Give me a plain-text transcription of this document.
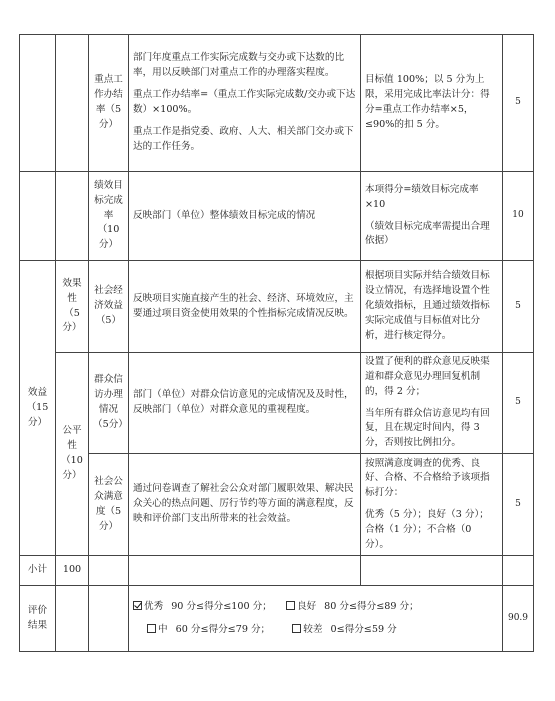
		重点工作办结率（5分）	部门年度重点工作实际完成数与交办或下达数的比率，用以反映部门对重点工作的办理落实程度。

重点工作办结率=（重点工作实际完成数/交办或下达数）×100%。

重点工作是指党委、政府、人大、相关部门交办或下达的工作任务。	目标值 100%；以 5 分为上限，采用完成比率法计分：得分=重点工作办结率×5，≤90%的扣 5 分。	5
		绩效目标完成率（10分）	反映部门（单位）整体绩效目标完成的情况	本项得分=绩效目标完成率×10

（绩效目标完成率需提出合理依据）	10
效益（15分）	效果性（5分）	社会经济效益（5）	反映项目实施直接产生的社会、经济、环境效应，主要通过项目资金使用效果的个性指标完成情况反映。	根据项目实际并结合绩效目标设立情况，有选择地设置个性化绩效指标，且通过绩效指标实际完成值与目标值对比分析，进行核定得分。	5
	公平性（10分）	群众信访办理情况（5分）	部门（单位）对群众信访意见的完成情况及及时性，反映部门（单位）对群众意见的重视程度。	设置了便利的群众意见反映渠道和群众意见办理回复机制的，得 2 分；

当年所有群众信访意见均有回复，且在规定时间内，得 3 分，否则按比例扣分。	5
		社会公众满意度（5分）	通过问卷调查了解社会公众对部门履职效果、解决民众关心的热点问题、厉行节约等方面的满意程度，反映和评价部门支出所带来的社会效益。	按照满意度调查的优秀、良好、合格、不合格给予该项指标打分：

优秀（5 分）；良好（3 分）；合格（1 分）；不合格（0 分）。	5
小计	100				
评价结果			优秀 90 分≤得分≤100 分； 良好 80 分≤得分≤89 分；
中 60 分≤得分≤79 分； 较差 0≤得分≤59 分		90.9
